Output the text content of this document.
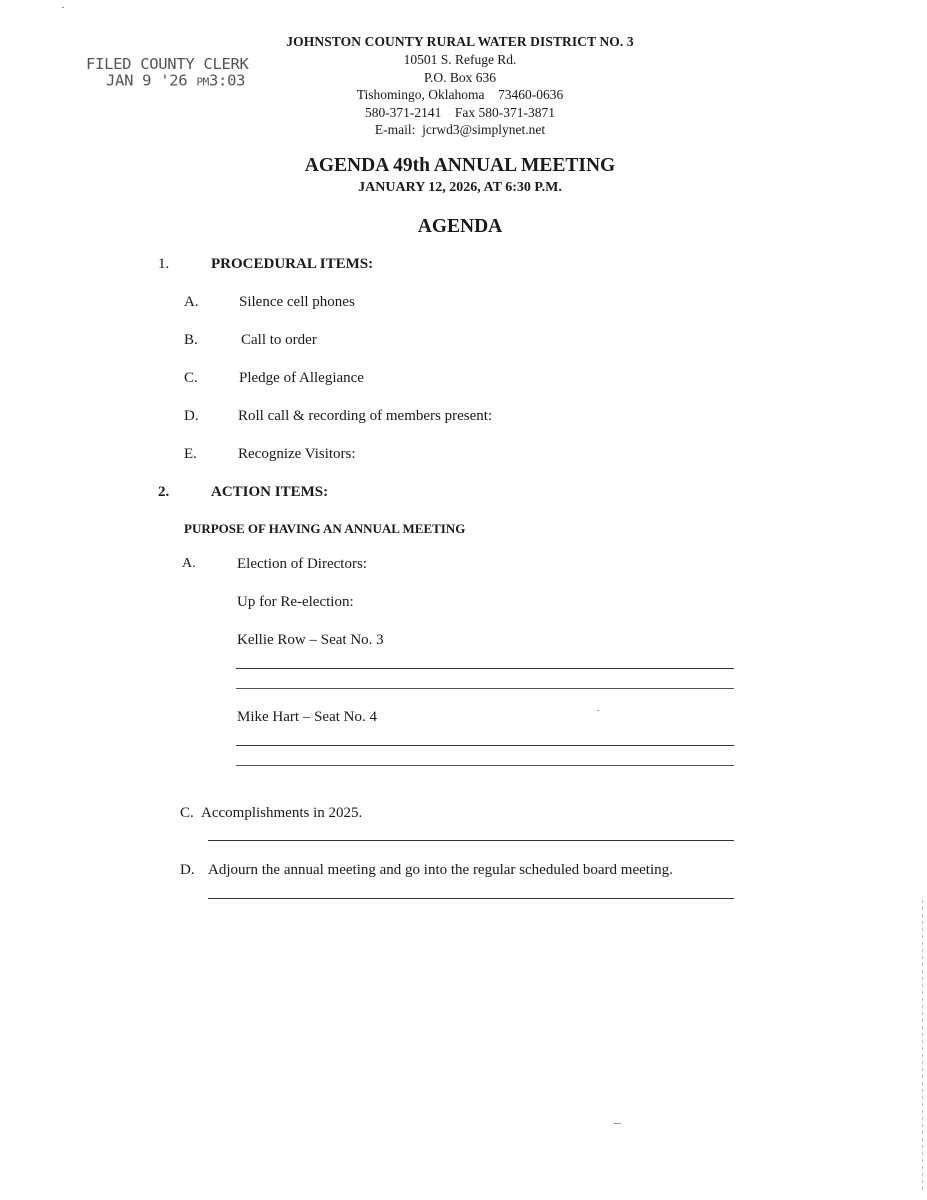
FILED COUNTY CLERK
JAN 9 '26 PM3:03
JOHNSTON COUNTY RURAL WATER DISTRICT NO. 3
10501 S. Refuge Rd.
P.O. Box 636
Tishomingo, Oklahoma    73460-0636
580-371-2141    Fax 580-371-3871
E-mail:  jcrwd3@simplynet.net
AGENDA 49th ANNUAL MEETING
JANUARY 12, 2026, AT 6:30 P.M.
AGENDA
1.	PROCEDURAL ITEMS:
A.	Silence cell phones
B.	Call to order
C.	Pledge of Allegiance
D.	Roll call & recording of members present:
E.	Recognize Visitors:
2.	ACTION ITEMS:
PURPOSE OF HAVING AN ANNUAL MEETING
A.	Election of Directors:
Up for Re-election:
Kellie Row – Seat No. 3
Mike Hart – Seat No. 4
C. Accomplishments in 2025.
D. Adjourn the annual meeting and go into the regular scheduled board meeting.
